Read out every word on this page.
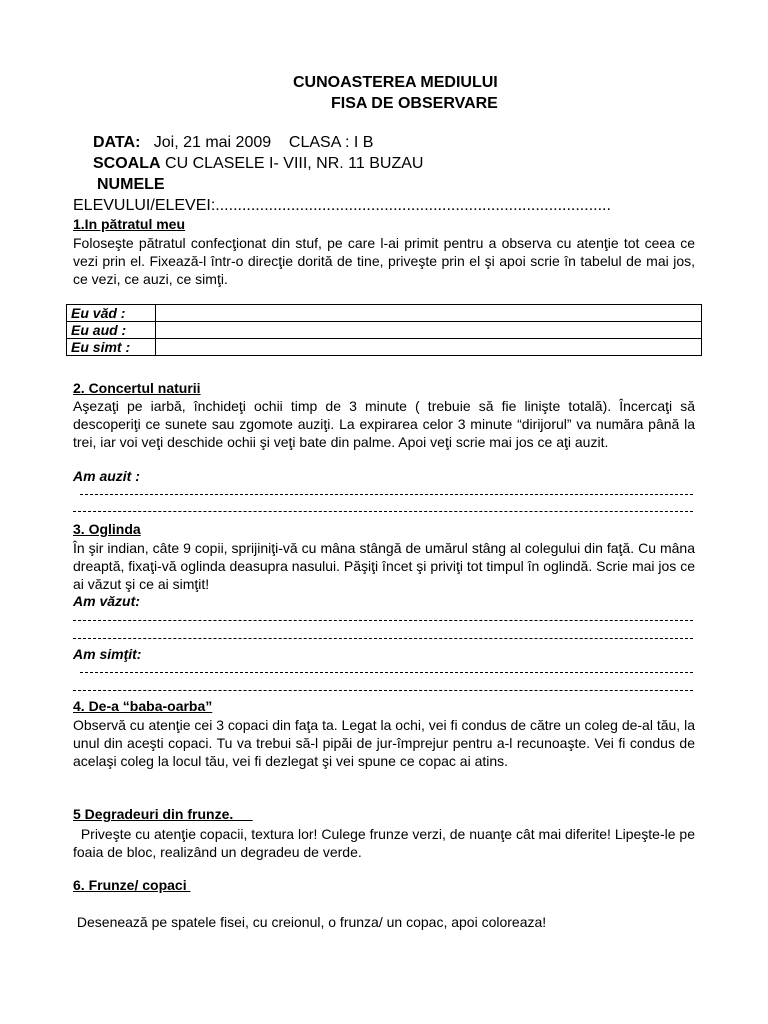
CUNOASTEREA MEDIULUI
FISA DE OBSERVARE
DATA: Joi, 21 mai 2009 CLASA : I B
SCOALA CU CLASELE I- VIII, NR. 11 BUZAU
NUMELE
ELEVULUI/ELEVEI:.........................................................................................
1.In pătratul meu
Foloseşte pătratul confecţionat din stuf, pe care l-ai primit pentru a observa cu atenţie tot ceea ce vezi prin el. Fixează-l într-o direcţie dorită de tine, priveşte prin el şi apoi scrie în tabelul de mai jos, ce vezi, ce auzi, ce simţi.
Eu văd :	
Eu aud :	
Eu simt :	
2. Concertul naturii
Aşezaţi pe iarbă, închideţi ochii timp de 3 minute ( trebuie să fie linişte totală). Încercaţi să descoperiţi ce sunete sau zgomote auziţi. La expirarea celor 3 minute “dirijorul” va număra până la trei, iar voi veţi deschide ochii şi veţi bate din palme. Apoi veţi scrie mai jos ce aţi auzit.
Am auzit :
3. Oglinda
În şir indian, câte 9 copii, sprijiniţi-vă cu mâna stângă de umărul stâng al colegului din faţă. Cu mâna dreaptă, fixaţi-vă oglinda deasupra nasului. Păşiţi încet şi priviţi tot timpul în oglindă. Scrie mai jos ce ai văzut şi ce ai simţit!
Am văzut:
Am simţit:
4. De-a “baba-oarba”
Observă cu atenţie cei 3 copaci din faţa ta. Legat la ochi, vei fi condus de către un coleg de-al tău, la unul din aceşti copaci. Tu va trebui să-l pipăi de jur-împrejur pentru a-l recunoaşte. Vei fi condus de acelaşi coleg la locul tău, vei fi dezlegat şi vei spune ce copac ai atins.
5 Degradeuri din frunze.
Priveşte cu atenţie copacii, textura lor! Culege frunze verzi, de nuanţe cât mai diferite! Lipeşte-le pe foaia de bloc, realizând un degradeu de verde.
6. Frunze/ copaci
Desenează pe spatele fisei, cu creionul, o frunza/ un copac, apoi coloreaza!
